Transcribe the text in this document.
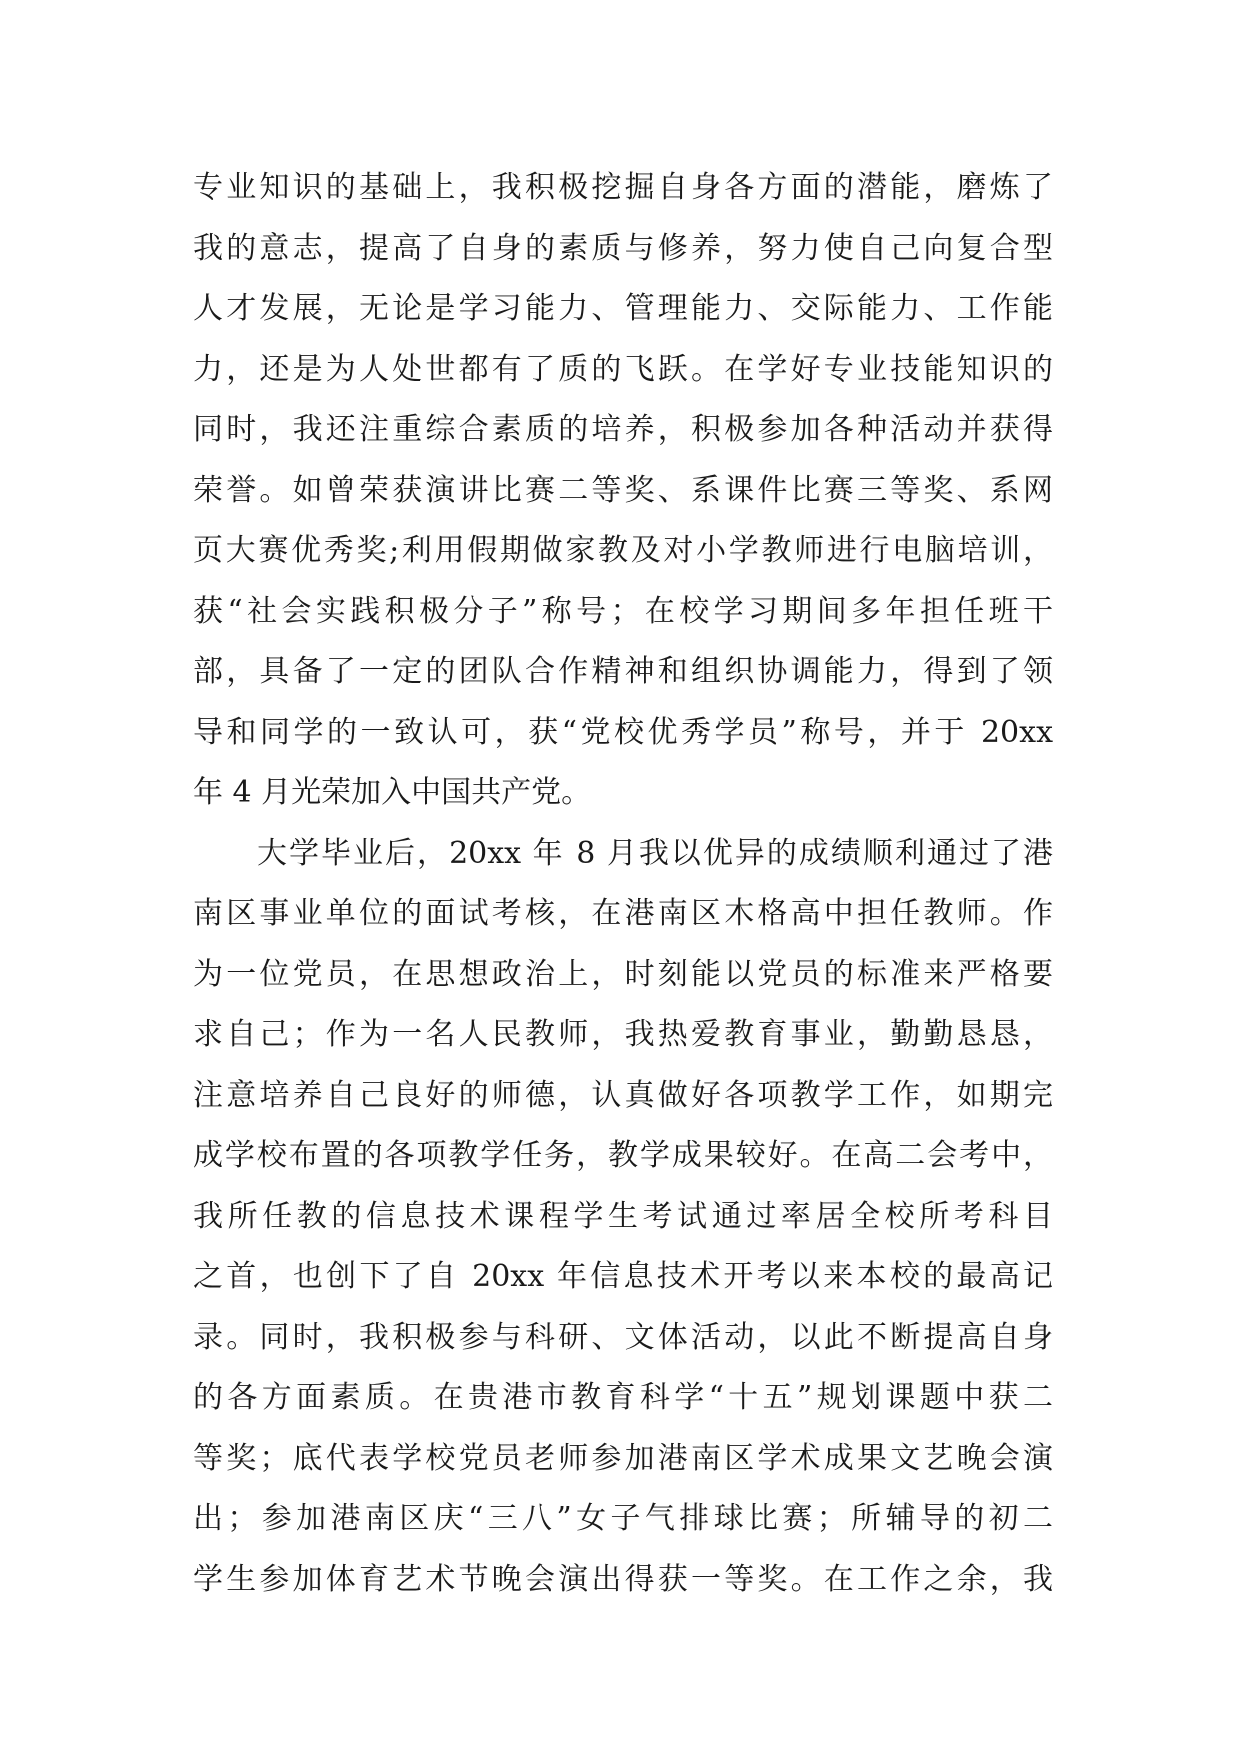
专业知识的基础上，我积极挖掘自身各方面的潜能，磨炼了
我的意志，提高了自身的素质与修养，努力使自己向复合型
人才发展，无论是学习能力、管理能力、交际能力、工作能
力，还是为人处世都有了质的飞跃。在学好专业技能知识的
同时，我还注重综合素质的培养，积极参加各种活动并获得
荣誉。如曾荣获演讲比赛二等奖、系课件比赛三等奖、系网
页大赛优秀奖;利用假期做家教及对小学教师进行电脑培训，
获“社会实践积极分子”称号；在校学习期间多年担任班干
部，具备了一定的团队合作精神和组织协调能力，得到了领
导和同学的一致认可，获“党校优秀学员”称号，并于 20xx
年 4 月光荣加入中国共产党。
大学毕业后，20xx 年 8 月我以优异的成绩顺利通过了港
南区事业单位的面试考核，在港南区木格高中担任教师。作
为一位党员，在思想政治上，时刻能以党员的标准来严格要
求自己；作为一名人民教师，我热爱教育事业，勤勤恳恳，
注意培养自己良好的师德，认真做好各项教学工作，如期完
成学校布置的各项教学任务，教学成果较好。在高二会考中，
我所任教的信息技术课程学生考试通过率居全校所考科目
之首，也创下了自 20xx 年信息技术开考以来本校的最高记
录。同时，我积极参与科研、文体活动，以此不断提高自身
的各方面素质。在贵港市教育科学“十五”规划课题中获二
等奖；底代表学校党员老师参加港南区学术成果文艺晚会演
出；参加港南区庆“三八”女子气排球比赛；所辅导的初二
学生参加体育艺术节晚会演出得获一等奖。在工作之余，我
